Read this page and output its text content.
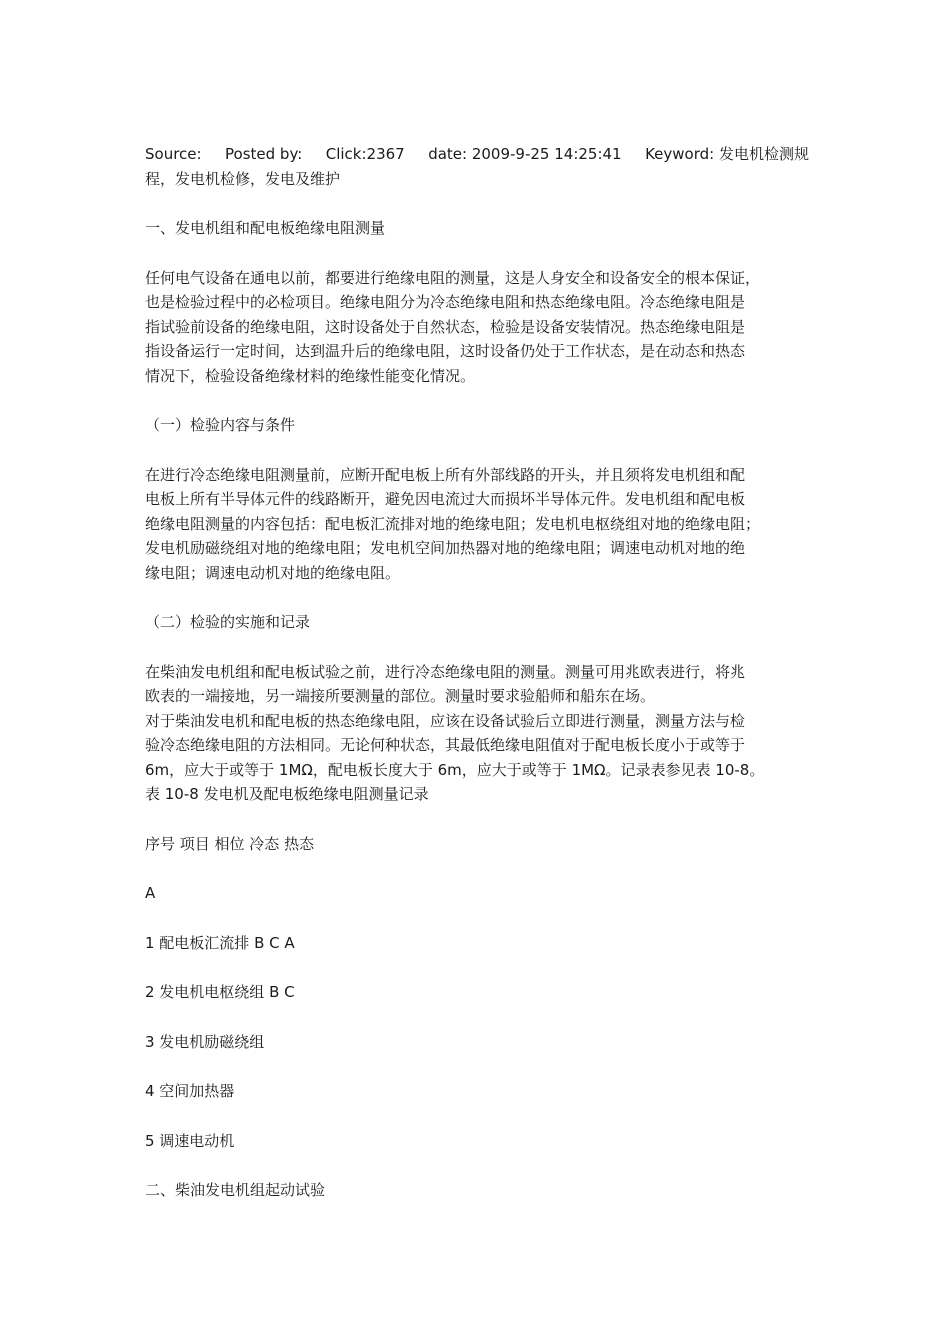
Source: Posted by: Click:2367 date: 2009-9-25 14:25:41 Keyword: 发电机检测规
程，发电机检修，发电及维护

一、发电机组和配电板绝缘电阻测量

任何电气设备在通电以前，都要进行绝缘电阻的测量，这是人身安全和设备安全的根本保证，
也是检验过程中的必检项目。绝缘电阻分为冷态绝缘电阻和热态绝缘电阻。冷态绝缘电阻是
指试验前设备的绝缘电阻，这时设备处于自然状态，检验是设备安装情况。热态绝缘电阻是
指设备运行一定时间，达到温升后的绝缘电阻，这时设备仍处于工作状态，是在动态和热态
情况下，检验设备绝缘材料的绝缘性能变化情况。

（一）检验内容与条件

在进行冷态绝缘电阻测量前，应断开配电板上所有外部线路的开头，并且须将发电机组和配
电板上所有半导体元件的线路断开，避免因电流过大而损坏半导体元件。发电机组和配电板
绝缘电阻测量的内容包括：配电板汇流排对地的绝缘电阻；发电机电枢绕组对地的绝缘电阻；
发电机励磁绕组对地的绝缘电阻；发电机空间加热器对地的绝缘电阻；调速电动机对地的绝
缘电阻；调速电动机对地的绝缘电阻。

（二）检验的实施和记录

在柴油发电机组和配电板试验之前，进行冷态绝缘电阻的测量。测量可用兆欧表进行，将兆
欧表的一端接地，另一端接所要测量的部位。测量时要求验船师和船东在场。
对于柴油发电机和配电板的热态绝缘电阻，应该在设备试验后立即进行测量，测量方法与检
验冷态绝缘电阻的方法相同。无论何种状态，其最低绝缘电阻值对于配电板长度小于或等于
6m，应大于或等于 1MΩ，配电板长度大于 6m，应大于或等于 1MΩ。记录表参见表 10-8。
表 10-8 发电机及配电板绝缘电阻测量记录

序号 项目 相位 冷态 热态

A

1 配电板汇流排 B C A

2 发电机电枢绕组 B C

3 发电机励磁绕组

4 空间加热器

5 调速电动机

二、柴油发电机组起动试验
